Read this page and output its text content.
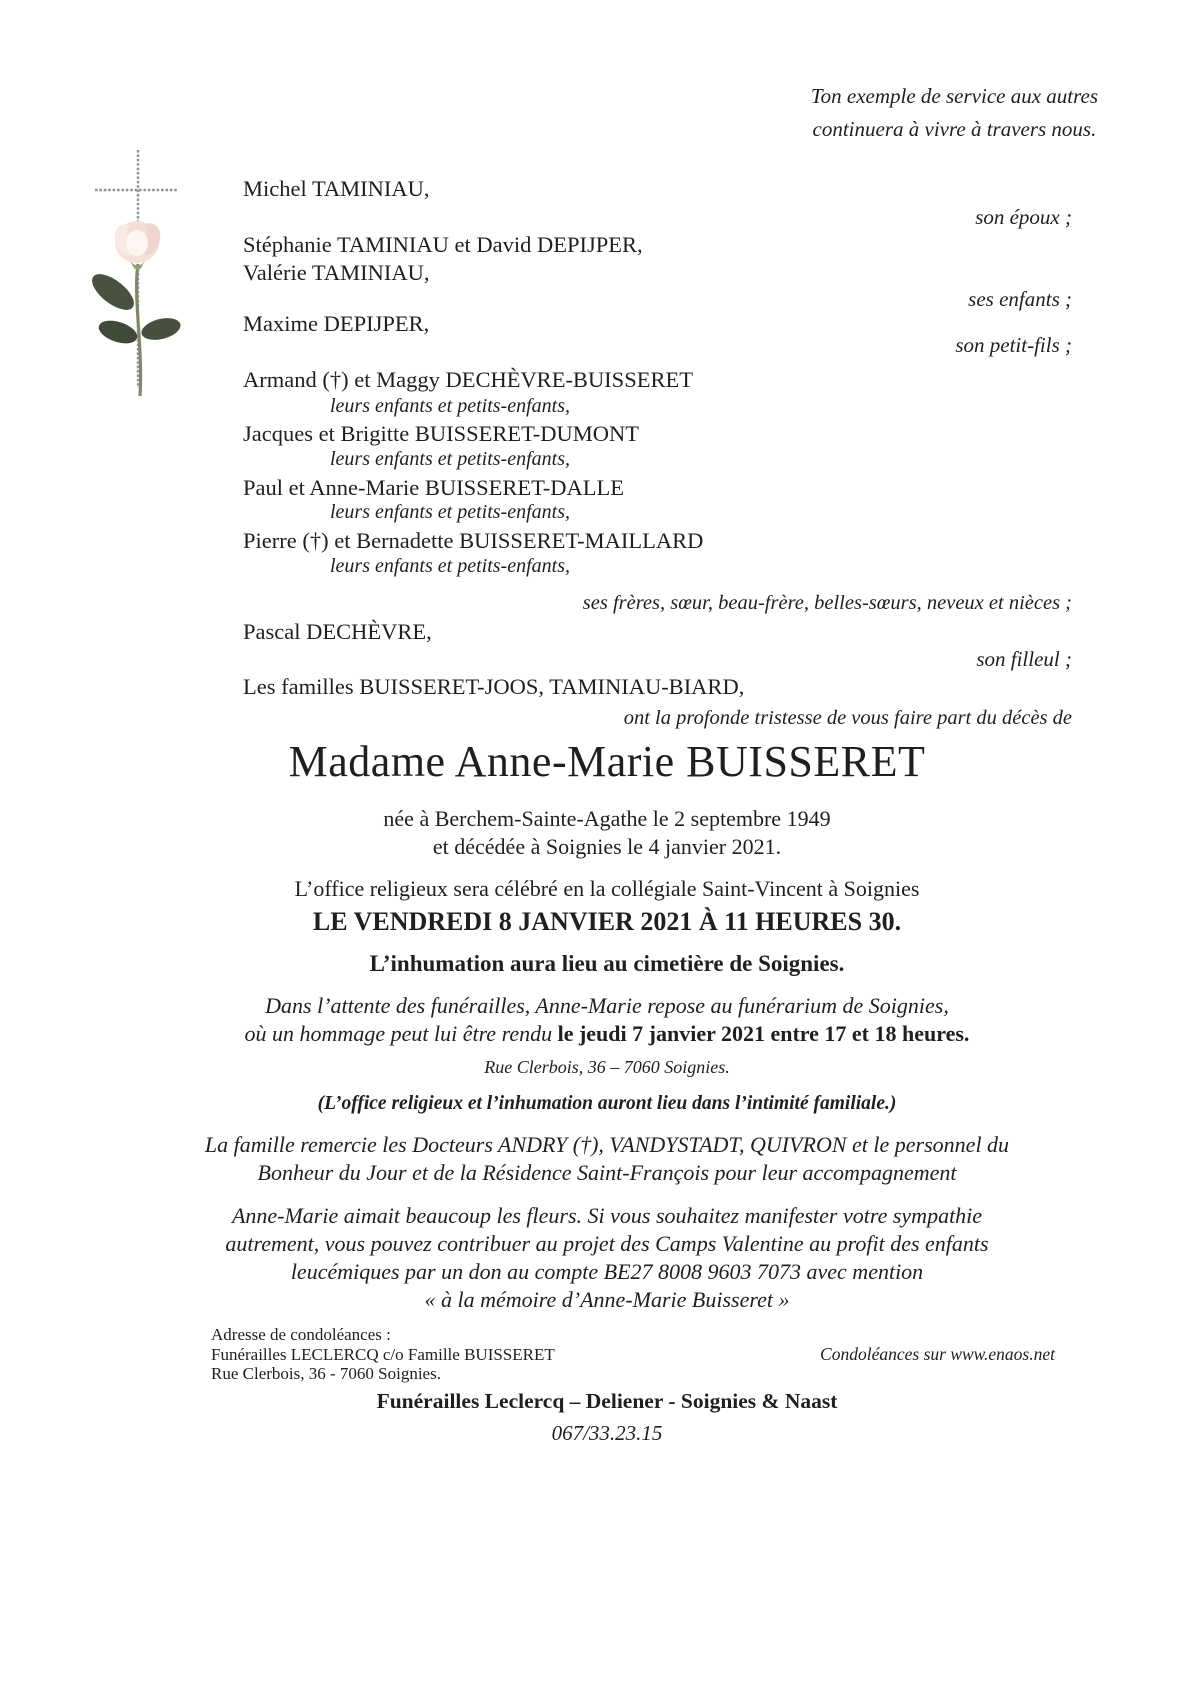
Ton exemple de service aux autres
continuera à vivre à travers nous.
Michel TAMINIAU,
son époux ;
Stéphanie TAMINIAU et David DEPIJPER,
Valérie TAMINIAU,
ses enfants ;
Maxime DEPIJPER,
son petit-fils ;
Armand (†) et Maggy DECHÈVRE-BUISSERET
leurs enfants et petits-enfants,
Jacques et Brigitte BUISSERET-DUMONT
leurs enfants et petits-enfants,
Paul et Anne-Marie BUISSERET-DALLE
leurs enfants et petits-enfants,
Pierre (†) et Bernadette BUISSERET-MAILLARD
leurs enfants et petits-enfants,
ses frères, sœur, beau-frère, belles-sœurs, neveux et nièces ;
Pascal DECHÈVRE,
son filleul ;
Les familles BUISSERET-JOOS, TAMINIAU-BIARD,
ont la profonde tristesse de vous faire part du décès de
Madame Anne-Marie BUISSERET
née à Berchem-Sainte-Agathe le 2 septembre 1949
et décédée à Soignies le 4 janvier 2021.
L’office religieux sera célébré en la collégiale Saint-Vincent à Soignies
LE VENDREDI 8 JANVIER 2021 À 11 HEURES 30.
L’inhumation aura lieu au cimetière de Soignies.
Dans l’attente des funérailles, Anne-Marie repose au funérarium de Soignies,
où un hommage peut lui être rendu le jeudi 7 janvier 2021 entre 17 et 18 heures.
Rue Clerbois, 36 – 7060 Soignies.
(L’office religieux et l’inhumation auront lieu dans l’intimité familiale.)
La famille remercie les Docteurs ANDRY (†), VANDYSTADT, QUIVRON et le personnel du
Bonheur du Jour et de la Résidence Saint-François pour leur accompagnement
Anne-Marie aimait beaucoup les fleurs. Si vous souhaitez manifester votre sympathie
autrement, vous pouvez contribuer au projet des Camps Valentine au profit des enfants
leucémiques par un don au compte BE27 8008 9603 7073 avec mention
« à la mémoire d’Anne-Marie Buisseret »
Adresse de condoléances :
Funérailles LECLERCQ c/o Famille BUISSERET
Rue Clerbois, 36 - 7060 Soignies.
Condoléances sur www.enaos.net
Funérailles Leclercq – Deliener - Soignies & Naast
067/33.23.15
